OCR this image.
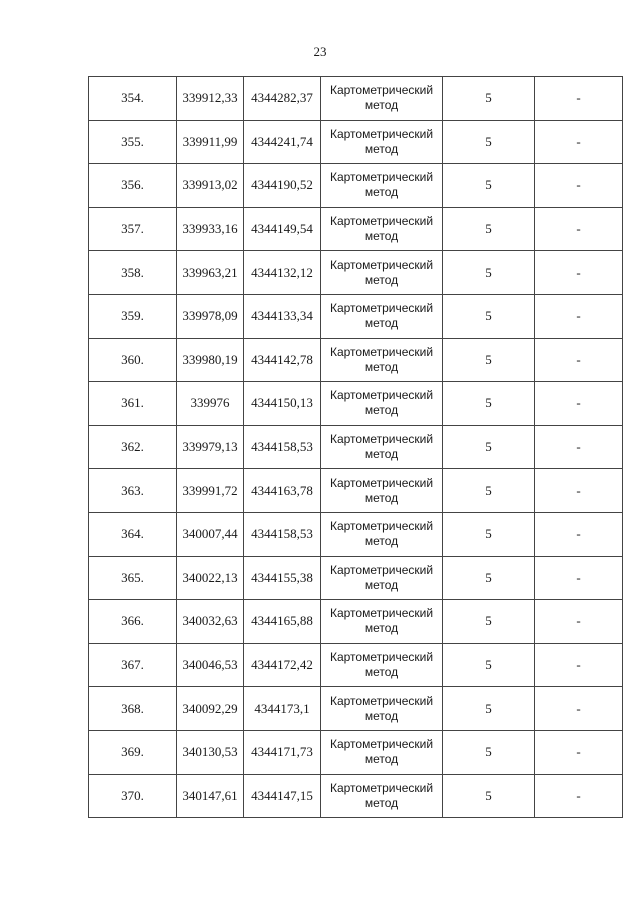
23
354.	339912,33	4344282,37	Картометрический метод	5	-
355.	339911,99	4344241,74	Картометрический метод	5	-
356.	339913,02	4344190,52	Картометрический метод	5	-
357.	339933,16	4344149,54	Картометрический метод	5	-
358.	339963,21	4344132,12	Картометрический метод	5	-
359.	339978,09	4344133,34	Картометрический метод	5	-
360.	339980,19	4344142,78	Картометрический метод	5	-
361.	339976	4344150,13	Картометрический метод	5	-
362.	339979,13	4344158,53	Картометрический метод	5	-
363.	339991,72	4344163,78	Картометрический метод	5	-
364.	340007,44	4344158,53	Картометрический метод	5	-
365.	340022,13	4344155,38	Картометрический метод	5	-
366.	340032,63	4344165,88	Картометрический метод	5	-
367.	340046,53	4344172,42	Картометрический метод	5	-
368.	340092,29	4344173,1	Картометрический метод	5	-
369.	340130,53	4344171,73	Картометрический метод	5	-
370.	340147,61	4344147,15	Картометрический метод	5	-
